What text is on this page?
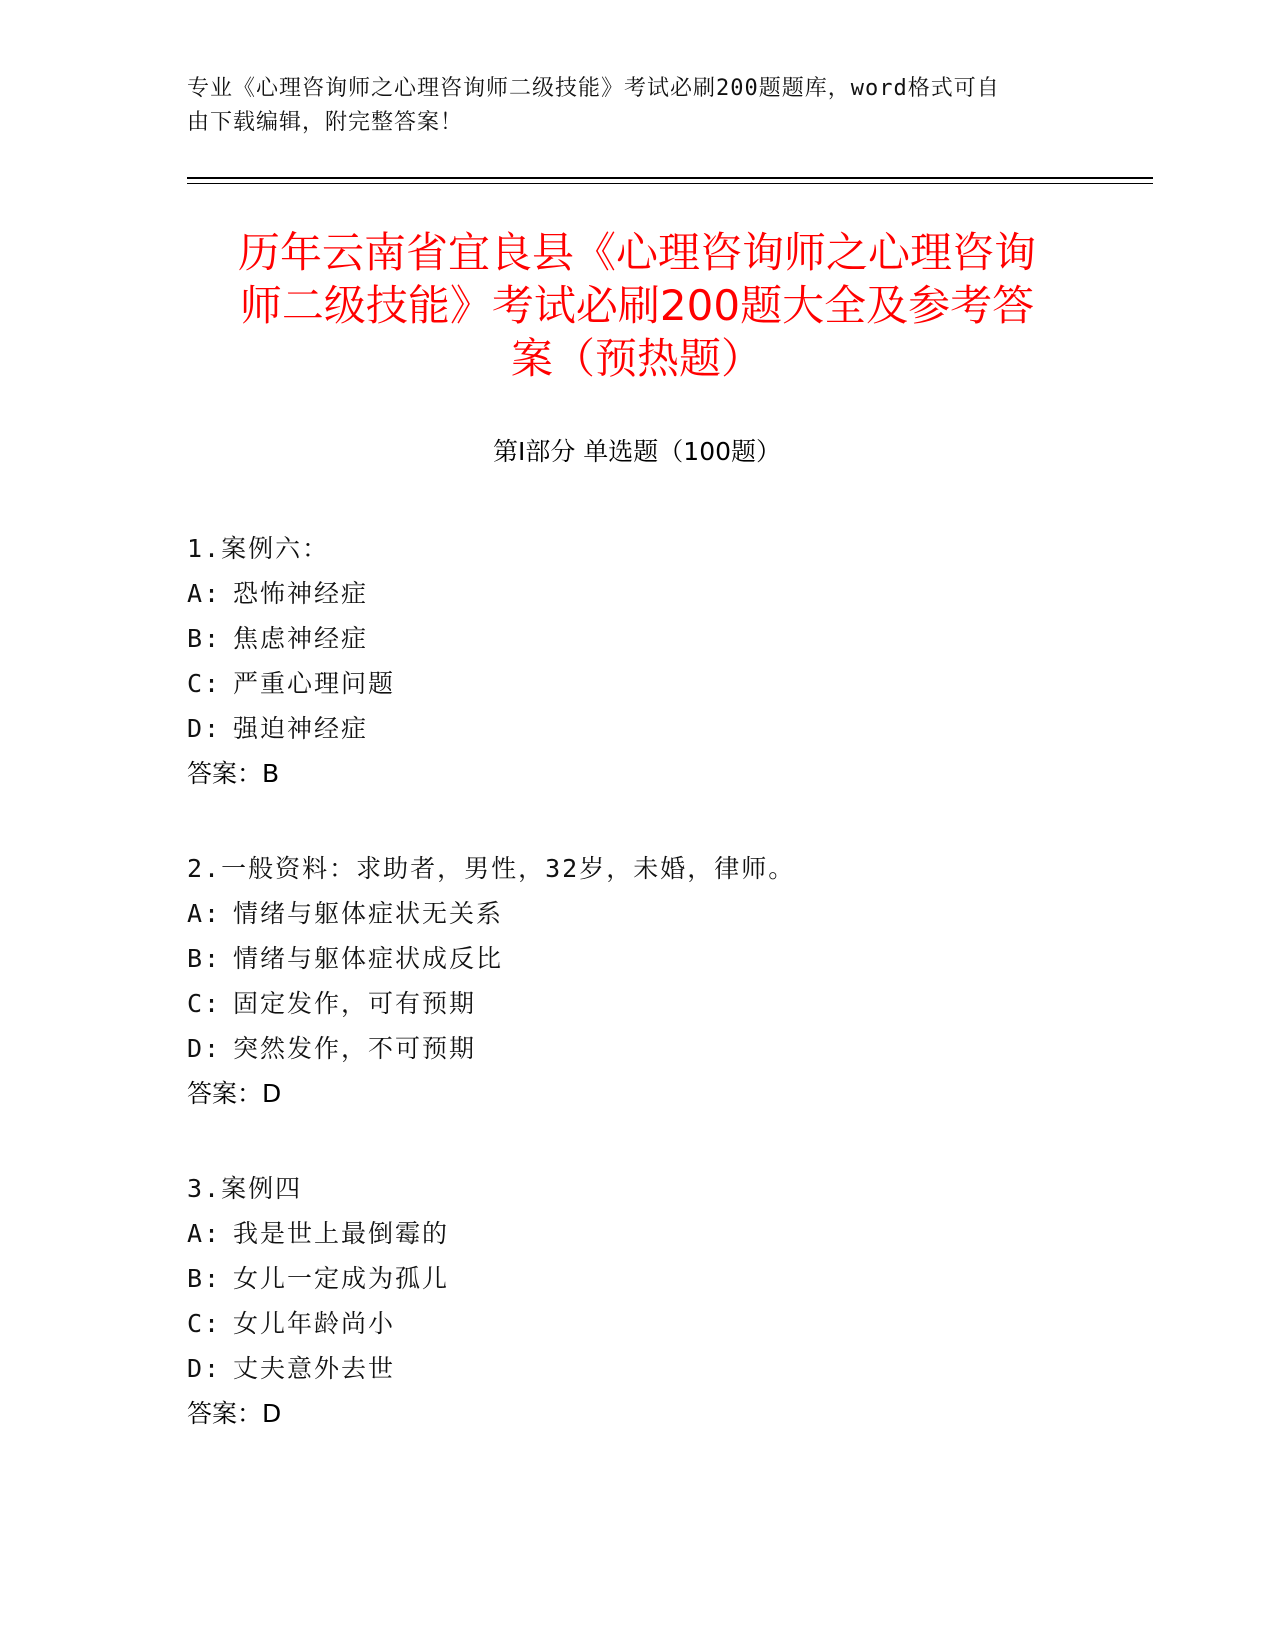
专业《心理咨询师之心理咨询师二级技能》考试必刷200题题库，word格式可自
由下载编辑，附完整答案！
历年云南省宜良县《心理咨询师之心理咨询
师二级技能》考试必刷200题大全及参考答
案（预热题）
第I部分 单选题（100题）
1.案例六：
A: 恐怖神经症
B: 焦虑神经症
C: 严重心理问题
D: 强迫神经症
答案：B
2.一般资料：求助者，男性，32岁，未婚，律师。
A: 情绪与躯体症状无关系
B: 情绪与躯体症状成反比
C: 固定发作，可有预期
D: 突然发作，不可预期
答案：D
3.案例四
A: 我是世上最倒霉的
B: 女儿一定成为孤儿
C: 女儿年龄尚小
D: 丈夫意外去世
答案：D
